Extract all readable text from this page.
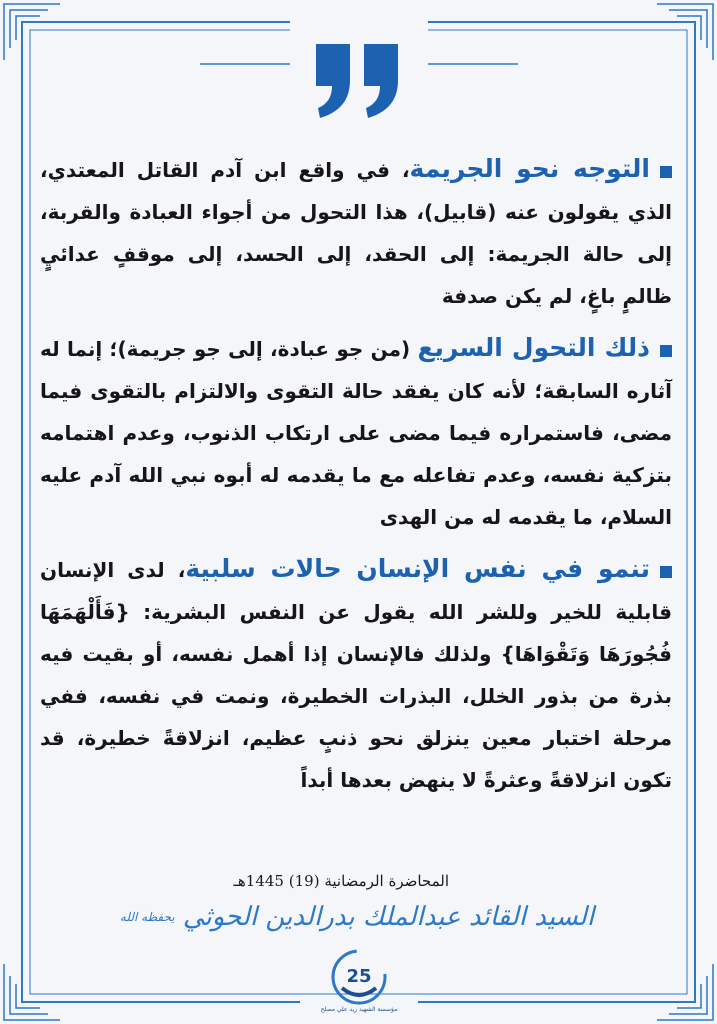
التوجه نحو الجريمة، في واقع ابن آدم القاتل المعتدي، الذي يقولون عنه (قابيل)، هذا التحول من أجواء العبادة والقربة، إلى حالة الجريمة: إلى الحقد، إلى الحسد، إلى موقفٍ عدائيٍ ظالمٍ باغٍ، لم يكن صدفة

ذلك التحول السريع (من جو عبادة، إلى جو جريمة)؛ إنما له آثاره السابقة؛ لأنه كان يفقد حالة التقوى والالتزام بالتقوى فيما مضى، فاستمراره فيما مضى على ارتكاب الذنوب، وعدم اهتمامه بتزكية نفسه، وعدم تفاعله مع ما يقدمه له أبوه نبي الله آدم عليه السلام، ما يقدمه له من الهدى

تنمو في نفس الإنسان حالات سلبية، لدى الإنسان قابلية للخير وللشر الله يقول عن النفس البشرية: {فَأَلْهَمَهَا فُجُورَهَا وَتَقْوَاهَا} ولذلك فالإنسان إذا أهمل نفسه، أو بقيت فيه بذرة من بذور الخلل، البذرات الخطيرة، ونمت في نفسه، ففي مرحلة اختبار معين ينزلق نحو ذنبٍ عظيم، انزلاقةً خطيرة، قد تكون انزلاقةً وعثرةً لا ينهض بعدها أبداً

المحاضرة الرمضانية (19) 1445هـ
السيد القائد عبدالملك بدرالدين الحوثي $^{يحفظه الله}$
25
مؤسسة الشهيد زيد علي مصلح
